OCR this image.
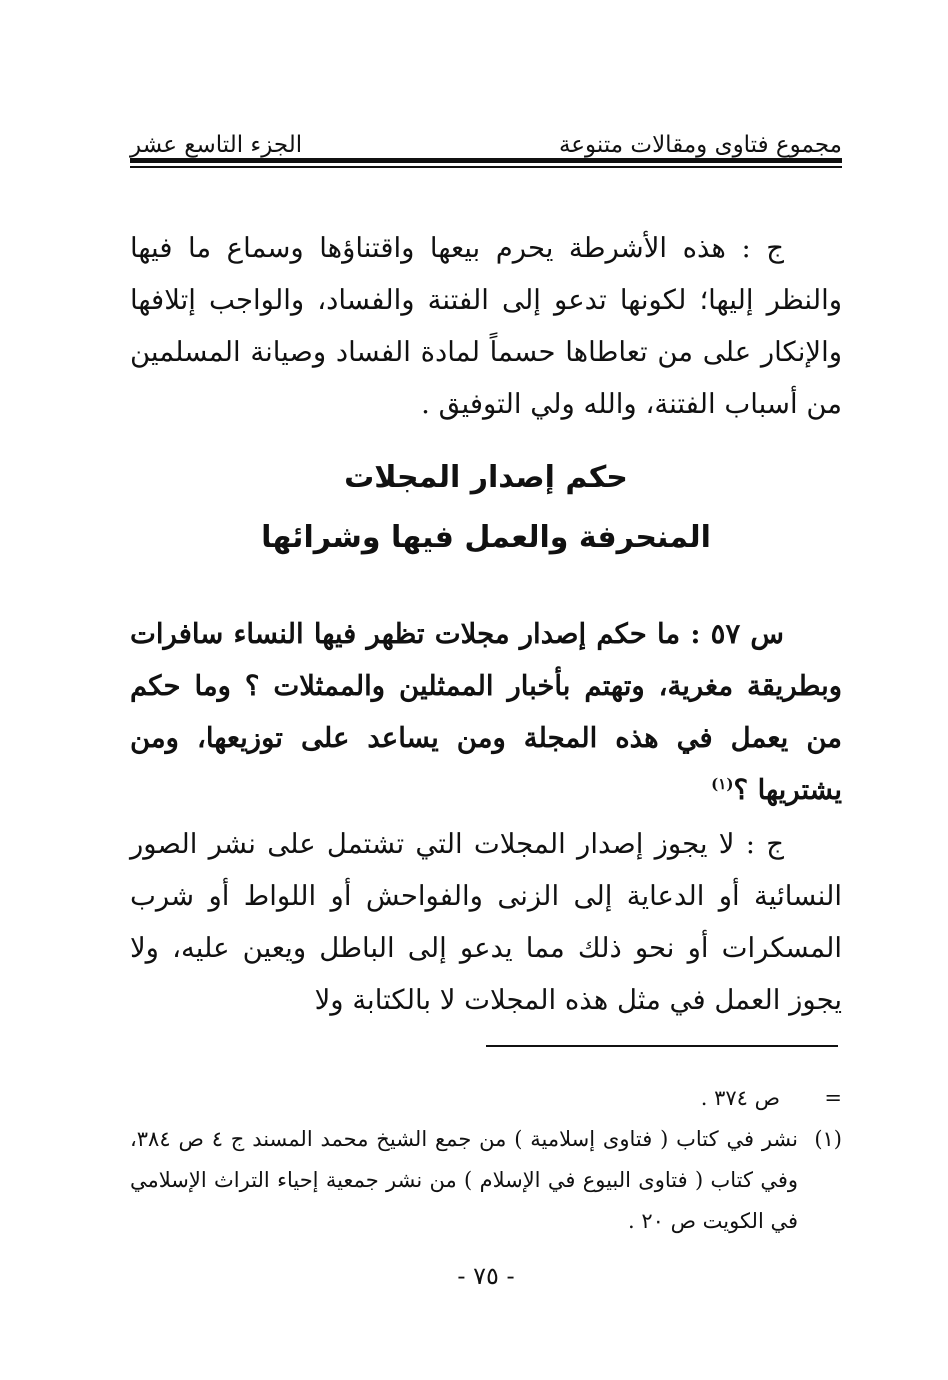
مجموع فتاوى ومقالات متنوعة
الجزء التاسع عشر

ج : هذه الأشرطة يحرم بيعها واقتناؤها وسماع ما فيها والنظر إليها؛ لكونها تدعو إلى الفتنة والفساد، والواجب إتلافها والإنكار على من تعاطاها حسماً لمادة الفساد وصيانة المسلمين من أسباب الفتنة، والله ولي التوفيق .

حكم إصدار المجلات
المنحرفة والعمل فيها وشرائها

س ٥٧ : ما حكم إصدار مجلات تظهر فيها النساء سافرات وبطريقة مغرية، وتهتم بأخبار الممثلين والممثلات ؟ وما حكم من يعمل في هذه المجلة ومن يساعد على توزيعها، ومن يشتريها ؟$^{(١)}$

ج : لا يجوز إصدار المجلات التي تشتمل على نشر الصور النسائية أو الدعاية إلى الزنى والفواحش أو اللواط أو شرب المسكرات أو نحو ذلك مما يدعو إلى الباطل ويعين عليه، ولا يجوز العمل في مثل هذه المجلات لا بالكتابة ولا

=
ص ٣٧٤ .
(١)
نشر في كتاب ( فتاوى إسلامية ) من جمع الشيخ محمد المسند ج ٤ ص ٣٨٤، وفي كتاب ( فتاوى البيوع في الإسلام ) من نشر جمعية إحياء التراث الإسلامي في الكويت ص ٢٠ .
- ٧٥ -
